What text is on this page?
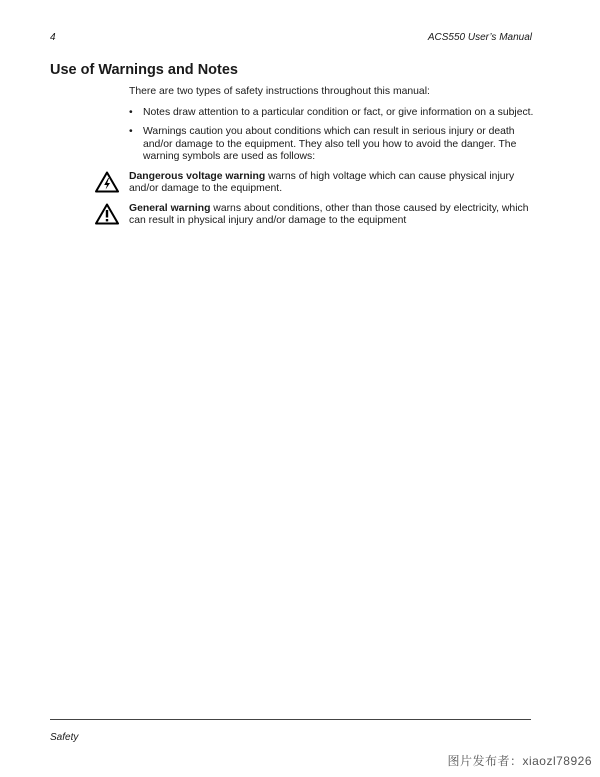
4	ACS550 User’s Manual
Use of Warnings and Notes

There are two types of safety instructions throughout this manual:

• Notes draw attention to a particular condition or fact, or give information on a subject.
• Warnings caution you about conditions which can result in serious injury or death and/or damage to the equipment. They also tell you how to avoid the danger. The warning symbols are used as follows:
Dangerous voltage warning warns of high voltage which can cause physical injury and/or damage to the equipment.
General warning warns about conditions, other than those caused by electricity, which can result in physical injury and/or damage to the equipment
Safety
图片发布者：xiaozl78926
